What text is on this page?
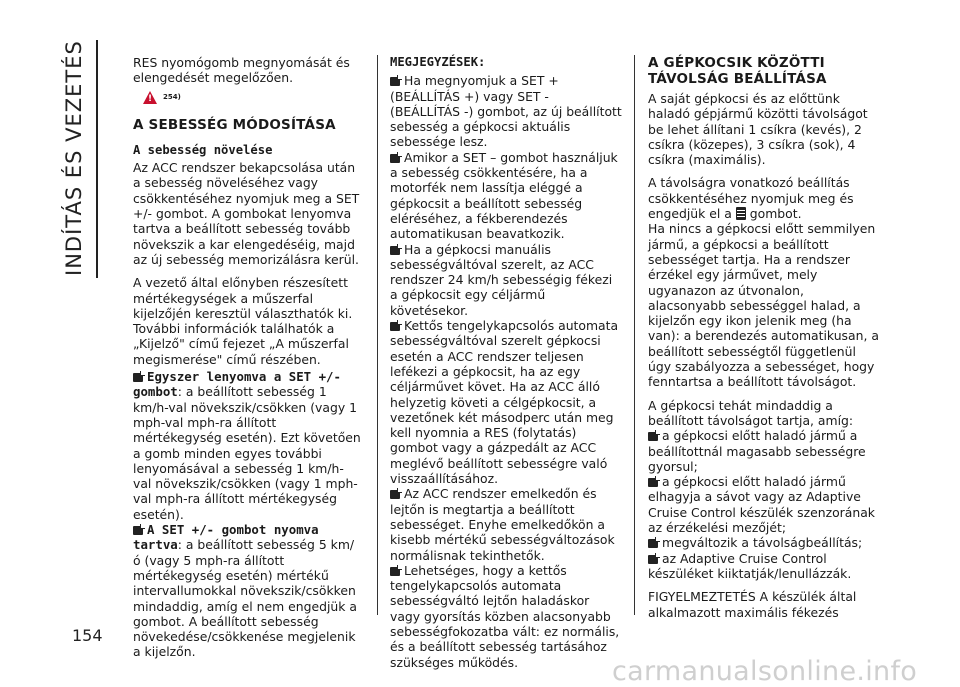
INDÍTÁS ÉS VEZETÉS
154

RES nyomógomb megnyomását és elengedését megelőzően.

!
254)
A SEBESSÉG MÓDOSÍTÁSA
A sebesség növelése

Az ACC rendszer bekapcsolása után a sebesség növeléséhez vagy csökkentéséhez nyomjuk meg a SET +/- gombot. A gombokat lenyomva tartva a beállított sebesség tovább növekszik a kar elengedéséig, majd az új sebesség memorizálásra kerül.

A vezető által előnyben részesített mértékegységek a műszerfal kijelzőjén keresztül választhatók ki. További információk találhatók a „Kijelző" című fejezet „A műszerfal megismerése" című részében.

Egyszer lenyomva a SET +/- gombot: a beállított sebesség 1 km/h-val növekszik/csökken (vagy 1 mph-val mph-ra állított mértékegység esetén). Ezt követően a gomb minden egyes további lenyomásával a sebesség 1 km/h-val növekszik/csökken (vagy 1 mph-val mph-ra állított mértékegység esetén).

A SET +/- gombot nyomva tartva: a beállított sebesség 5 km/ó (vagy 5 mph-ra állított mértékegység esetén) mértékű intervallumokkal növekszik/csökken mindaddig, amíg el nem engedjük a gombot. A beállított sebesség növekedése/csökkenése megjelenik a kijelzőn.

MEGJEGYZÉSEK:

Ha megnyomjuk a SET + (BEÁLLÍTÁS +) vagy SET - (BEÁLLÍTÁS -) gombot, az új beállított sebesség a gépkocsi aktuális sebessége lesz.

Amikor a SET – gombot használjuk a sebesség csökkentésére, ha a motorfék nem lassítja eléggé a gépkocsit a beállított sebesség eléréséhez, a fékberendezés automatikusan beavatkozik.

Ha a gépkocsi manuális sebességváltóval szerelt, az ACC rendszer 24 km/h sebességig fékezi a gépkocsit egy céljármű követésekor.

Kettős tengelykapcsolós automata sebességváltóval szerelt gépkocsi esetén a ACC rendszer teljesen lefékezi a gépkocsit, ha az egy céljárművet követ. Ha az ACC álló helyzetig követi a célgépkocsit, a vezetőnek két másodperc után meg kell nyomnia a RES (folytatás) gombot vagy a gázpedált az ACC meglévő beállított sebességre való visszaállításához.

Az ACC rendszer emelkedőn és lejtőn is megtartja a beállított sebességet. Enyhe emelkedőkön a kisebb mértékű sebességváltozások normálisnak tekinthetők.

Lehetséges, hogy a kettős tengelykapcsolós automata sebességváltó lejtőn haladáskor vagy gyorsítás közben alacsonyabb sebességfokozatba vált: ez normális, és a beállított sebesség tartásához szükséges működés.

A GÉPKOCSIK KÖZÖTTI TÁVOLSÁG BEÁLLÍTÁSA

A saját gépkocsi és az előttünk haladó gépjármű közötti távolságot be lehet állítani 1 csíkra (kevés), 2 csíkra (közepes), 3 csíkra (sok), 4 csíkra (maximális).

A távolságra vonatkozó beállítás csökkentéséhez nyomjuk meg és engedjük el a gombot.

Ha nincs a gépkocsi előtt semmilyen jármű, a gépkocsi a beállított sebességet tartja. Ha a rendszer érzékel egy járművet, mely ugyanazon az útvonalon, alacsonyabb sebességgel halad, a kijelzőn egy ikon jelenik meg (ha van): a berendezés automatikusan, a beállított sebességtől függetlenül úgy szabályozza a sebességet, hogy fenntartsa a beállított távolságot.

A gépkocsi tehát mindaddig a beállított távolságot tartja, amíg:

a gépkocsi előtt haladó jármű a beállítottnál magasabb sebességre gyorsul;

a gépkocsi előtt haladó jármű elhagyja a sávot vagy az Adaptive Cruise Control készülék szenzorának az érzékelési mezőjét;

megváltozik a távolságbeállítás;

az Adaptive Cruise Control készüléket kiiktatják/lenullázzák.

FIGYELMEZTETÉS A készülék által alkalmazott maximális fékezés

carmanualsonline.info
